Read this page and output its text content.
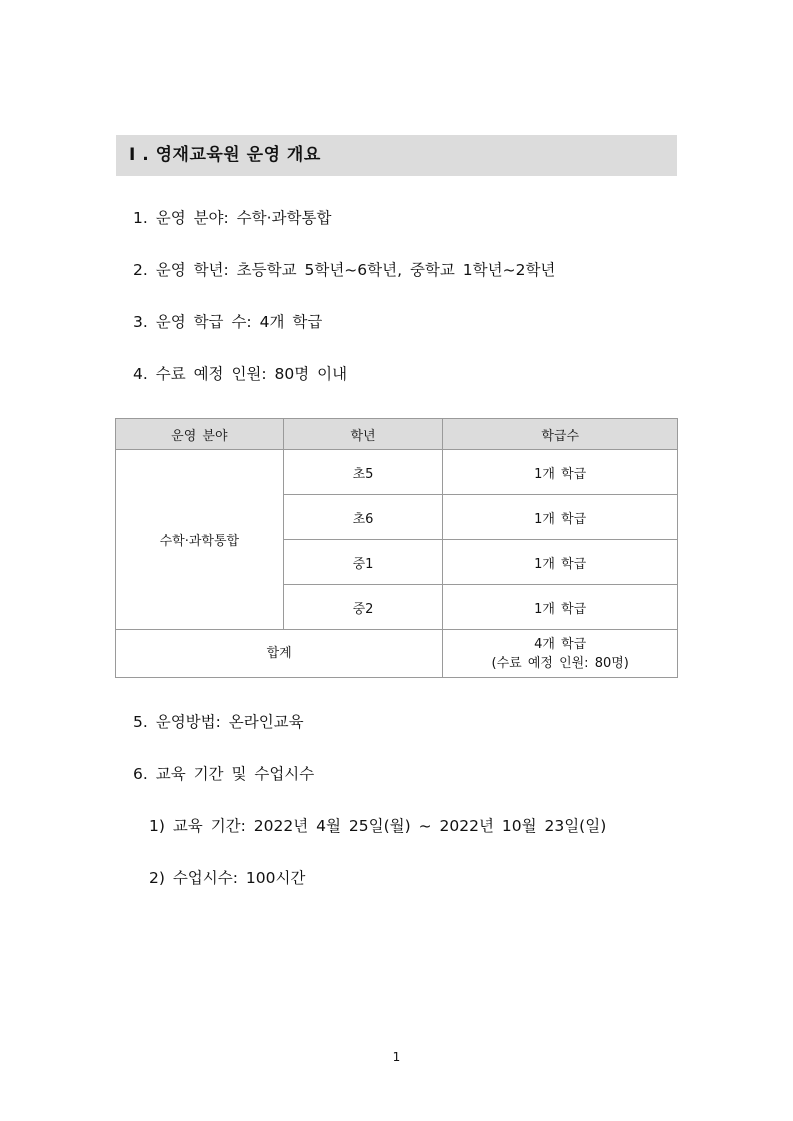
I . 영재교육원 운영 개요
1. 운영 분야: 수학·과학통합
2. 운영 학년: 초등학교 5학년~6학년, 중학교 1학년~2학년
3. 운영 학급 수: 4개 학급
4. 수료 예정 인원: 80명 이내
운영 분야	학년	학급수
수학·과학통합	초5	1개 학급
	초6	1개 학급
	중1	1개 학급
	중2	1개 학급
합계		4개 학급
(수료 예정 인원: 80명)
5. 운영방법: 온라인교육
6. 교육 기간 및 수업시수
1) 교육 기간: 2022년 4월 25일(월) ~ 2022년 10월 23일(일)
2) 수업시수: 100시간
1
